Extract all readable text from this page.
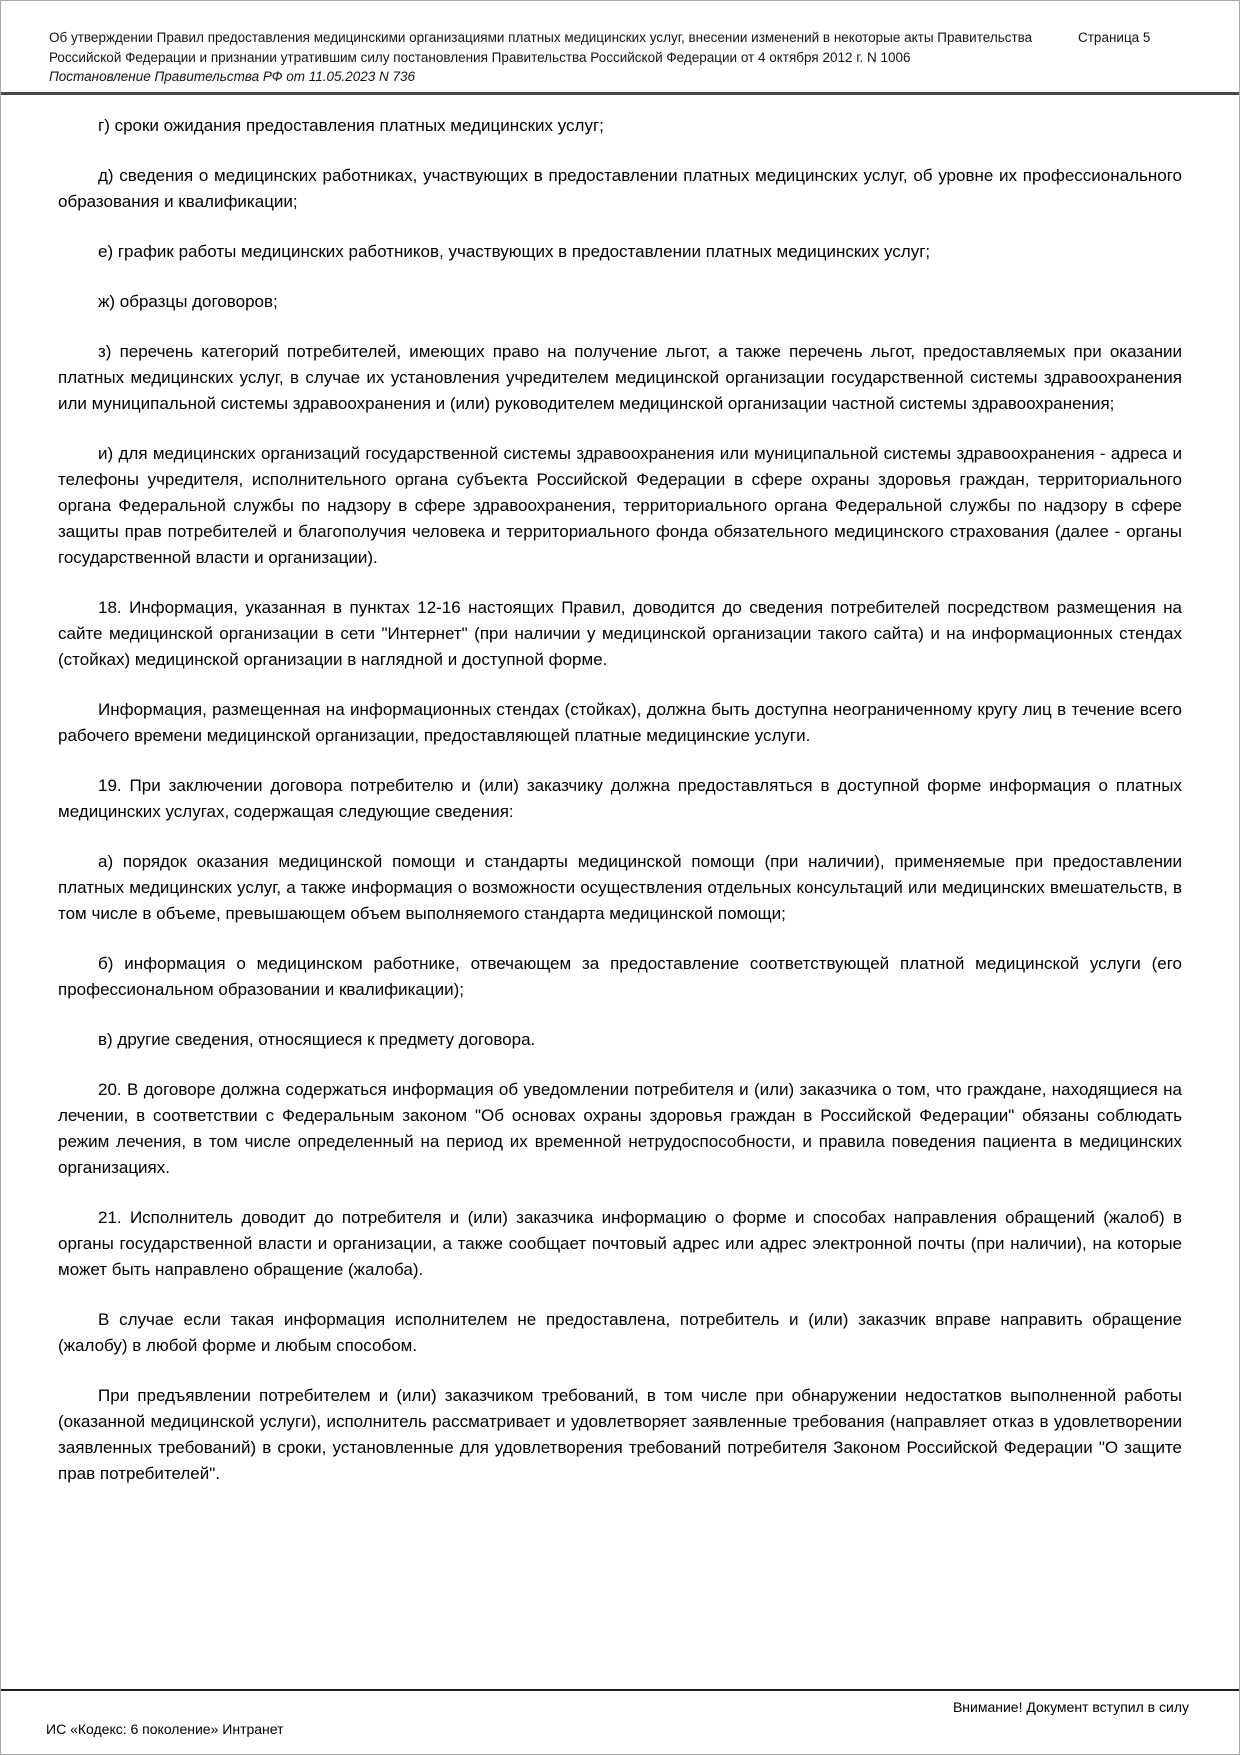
Об утверждении Правил предоставления медицинскими организациями платных медицинских услуг, внесении изменений в некоторые акты Правительства Российской Федерации и признании утратившим силу постановления Правительства Российской Федерации от 4 октября 2012 г. N 1006
Постановление Правительства РФ от 11.05.2023 N 736
Страница 5

г) сроки ожидания предоставления платных медицинских услуг;

д) сведения о медицинских работниках, участвующих в предоставлении платных медицинских услуг, об уровне их профессионального образования и квалификации;

е) график работы медицинских работников, участвующих в предоставлении платных медицинских услуг;

ж) образцы договоров;

з) перечень категорий потребителей, имеющих право на получение льгот, а также перечень льгот, предоставляемых при оказании платных медицинских услуг, в случае их установления учредителем медицинской организации государственной системы здравоохранения или муниципальной системы здравоохранения и (или) руководителем медицинской организации частной системы здравоохранения;

и) для медицинских организаций государственной системы здравоохранения или муниципальной системы здравоохранения - адреса и телефоны учредителя, исполнительного органа субъекта Российской Федерации в сфере охраны здоровья граждан, территориального органа Федеральной службы по надзору в сфере здравоохранения, территориального органа Федеральной службы по надзору в сфере защиты прав потребителей и благополучия человека и территориального фонда обязательного медицинского страхования (далее - органы государственной власти и организации).

18. Информация, указанная в пунктах 12-16 настоящих Правил, доводится до сведения потребителей посредством размещения на сайте медицинской организации в сети "Интернет" (при наличии у медицинской организации такого сайта) и на информационных стендах (стойках) медицинской организации в наглядной и доступной форме.

Информация, размещенная на информационных стендах (стойках), должна быть доступна неограниченному кругу лиц в течение всего рабочего времени медицинской организации, предоставляющей платные медицинские услуги.

19. При заключении договора потребителю и (или) заказчику должна предоставляться в доступной форме информация о платных медицинских услугах, содержащая следующие сведения:

а) порядок оказания медицинской помощи и стандарты медицинской помощи (при наличии), применяемые при предоставлении платных медицинских услуг, а также информация о возможности осуществления отдельных консультаций или медицинских вмешательств, в том числе в объеме, превышающем объем выполняемого стандарта медицинской помощи;

б) информация о медицинском работнике, отвечающем за предоставление соответствующей платной медицинской услуги (его профессиональном образовании и квалификации);

в) другие сведения, относящиеся к предмету договора.

20. В договоре должна содержаться информация об уведомлении потребителя и (или) заказчика о том, что граждане, находящиеся на лечении, в соответствии с Федеральным законом "Об основах охраны здоровья граждан в Российской Федерации" обязаны соблюдать режим лечения, в том числе определенный на период их временной нетрудоспособности, и правила поведения пациента в медицинских организациях.

21. Исполнитель доводит до потребителя и (или) заказчика информацию о форме и способах направления обращений (жалоб) в органы государственной власти и организации, а также сообщает почтовый адрес или адрес электронной почты (при наличии), на которые может быть направлено обращение (жалоба).

В случае если такая информация исполнителем не предоставлена, потребитель и (или) заказчик вправе направить обращение (жалобу) в любой форме и любым способом.

При предъявлении потребителем и (или) заказчиком требований, в том числе при обнаружении недостатков выполненной работы (оказанной медицинской услуги), исполнитель рассматривает и удовлетворяет заявленные требования (направляет отказ в удовлетворении заявленных требований) в сроки, установленные для удовлетворения требований потребителя Законом Российской Федерации "О защите прав потребителей".

Внимание! Документ вступил в силу
ИС «Кодекс: 6 поколение» Интранет
